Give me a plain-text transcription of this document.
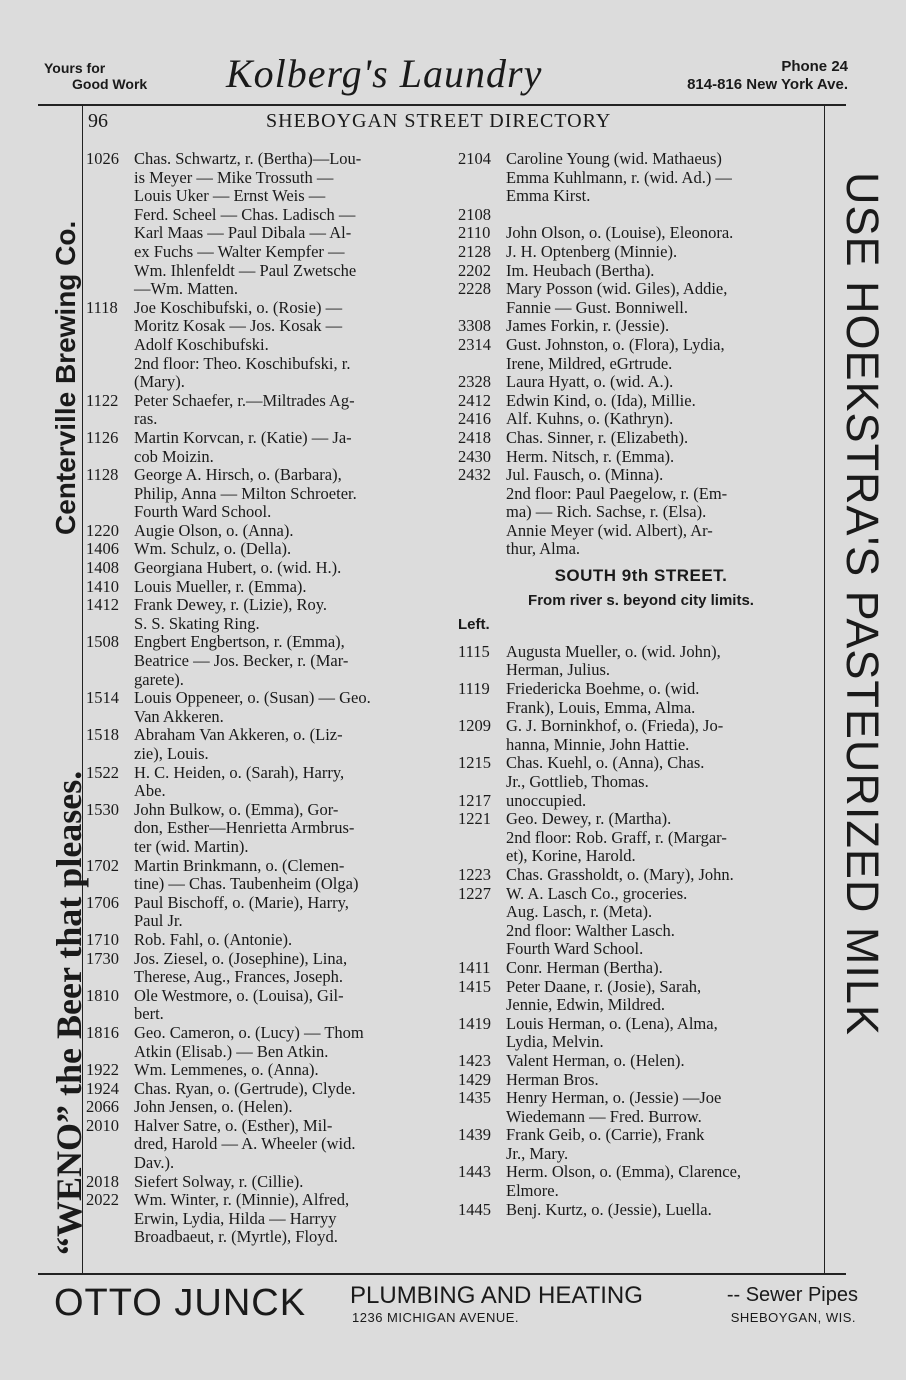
Yours for
Good Work Kolberg's Laundry	Phone 24
814-816 New York Ave.
“WENO” the Beer that pleases.
Centerville Brewing Co.	USE HOEKSTRA'S PASTEURIZED MILK
96	SHEBOYGAN STREET DIRECTORY
1026 Chas. Schwartz, r. (Bertha)—Lou-
is Meyer — Mike Trossuth —
Louis Uker — Ernst Weis —
Ferd. Scheel — Chas. Ladisch —
Karl Maas — Paul Dibala — Al-
ex Fuchs — Walter Kempfer —
Wm. Ihlenfeldt — Paul Zwetsche
—Wm. Matten.
1118 Joe Koschibufski, o. (Rosie) —
Moritz Kosak — Jos. Kosak —
Adolf Koschibufski.
2nd floor: Theo. Koschibufski, r.
(Mary).
1122 Peter Schaefer, r.—Miltrades Ag-
ras.
1126 Martin Korvcan, r. (Katie) — Ja-
cob Moizin.
1128 George A. Hirsch, o. (Barbara),
Philip, Anna — Milton Schroeter.
Fourth Ward School.
1220 Augie Olson, o. (Anna).
1406 Wm. Schulz, o. (Della).
1408 Georgiana Hubert, o. (wid. H.).
1410 Louis Mueller, r. (Emma).
1412 Frank Dewey, r. (Lizie), Roy.
S. S. Skating Ring.
1508 Engbert Engbertson, r. (Emma),
Beatrice — Jos. Becker, r. (Mar-
garete).
1514 Louis Oppeneer, o. (Susan) — Geo.
Van Akkeren.
1518 Abraham Van Akkeren, o. (Liz-
zie), Louis.
1522 H. C. Heiden, o. (Sarah), Harry,
Abe.
1530 John Bulkow, o. (Emma), Gor-
don, Esther—Henrietta Armbrus-
ter (wid. Martin).
1702 Martin Brinkmann, o. (Clemen-
tine) — Chas. Taubenheim (Olga)
1706 Paul Bischoff, o. (Marie), Harry,
Paul Jr.
1710 Rob. Fahl, o. (Antonie).
1730 Jos. Ziesel, o. (Josephine), Lina,
Therese, Aug., Frances, Joseph.
1810 Ole Westmore, o. (Louisa), Gil-
bert.
1816 Geo. Cameron, o. (Lucy) — Thom
Atkin (Elisab.) — Ben Atkin.
1922 Wm. Lemmenes, o. (Anna).
1924 Chas. Ryan, o. (Gertrude), Clyde.
2066 John Jensen, o. (Helen).
2010 Halver Satre, o. (Esther), Mil-
dred, Harold — A. Wheeler (wid.
Dav.).
2018 Siefert Solway, r. (Cillie).
2022 Wm. Winter, r. (Minnie), Alfred,
Erwin, Lydia, Hilda — Harryy
Broadbaeut, r. (Myrtle), Floyd.
2104 Caroline Young (wid. Mathaeus)
Emma Kuhlmann, r. (wid. Ad.) —
Emma Kirst.
2108
2110 John Olson, o. (Louise), Eleonora.
2128 J. H. Optenberg (Minnie).
2202 Im. Heubach (Bertha).
2228 Mary Posson (wid. Giles), Addie,
Fannie — Gust. Bonniwell.
3308 James Forkin, r. (Jessie).
2314 Gust. Johnston, o. (Flora), Lydia,
Irene, Mildred, eGrtrude.
2328 Laura Hyatt, o. (wid. A.).
2412 Edwin Kind, o. (Ida), Millie.
2416 Alf. Kuhns, o. (Kathryn).
2418 Chas. Sinner, r. (Elizabeth).
2430 Herm. Nitsch, r. (Emma).
2432 Jul. Fausch, o. (Minna).
2nd floor: Paul Paegelow, r. (Em-
ma) — Rich. Sachse, r. (Elsa).
Annie Meyer (wid. Albert), Ar-
thur, Alma.
SOUTH 9th STREET.
From river s. beyond city limits.
Left.
1115 Augusta Mueller, o. (wid. John),
Herman, Julius.
1119 Friedericka Boehme, o. (wid.
Frank), Louis, Emma, Alma.
1209 G. J. Borninkhof, o. (Frieda), Jo-
hanna, Minnie, John Hattie.
1215 Chas. Kuehl, o. (Anna), Chas.
Jr., Gottlieb, Thomas.
1217 unoccupied.
1221 Geo. Dewey, r. (Martha).
2nd floor: Rob. Graff, r. (Margar-
et), Korine, Harold.
1223 Chas. Grassholdt, o. (Mary), John.
1227 W. A. Lasch Co., groceries.
Aug. Lasch, r. (Meta).
2nd floor: Walther Lasch.
Fourth Ward School.
1411 Conr. Herman (Bertha).
1415 Peter Daane, r. (Josie), Sarah,
Jennie, Edwin, Mildred.
1419 Louis Herman, o. (Lena), Alma,
Lydia, Melvin.
1423 Valent Herman, o. (Helen).
1429 Herman Bros.
1435 Henry Herman, o. (Jessie) —Joe
Wiedemann — Fred. Burrow.
1439 Frank Geib, o. (Carrie), Frank
Jr., Mary.
1443 Herm. Olson, o. (Emma), Clarence,
Elmore.
1445 Benj. Kurtz, o. (Jessie), Luella.
OTTO JUNCK PLUMBING AND HEATING
1236 MICHIGAN AVENUE.
-- Sewer Pipes
SHEBOYGAN, WIS.
